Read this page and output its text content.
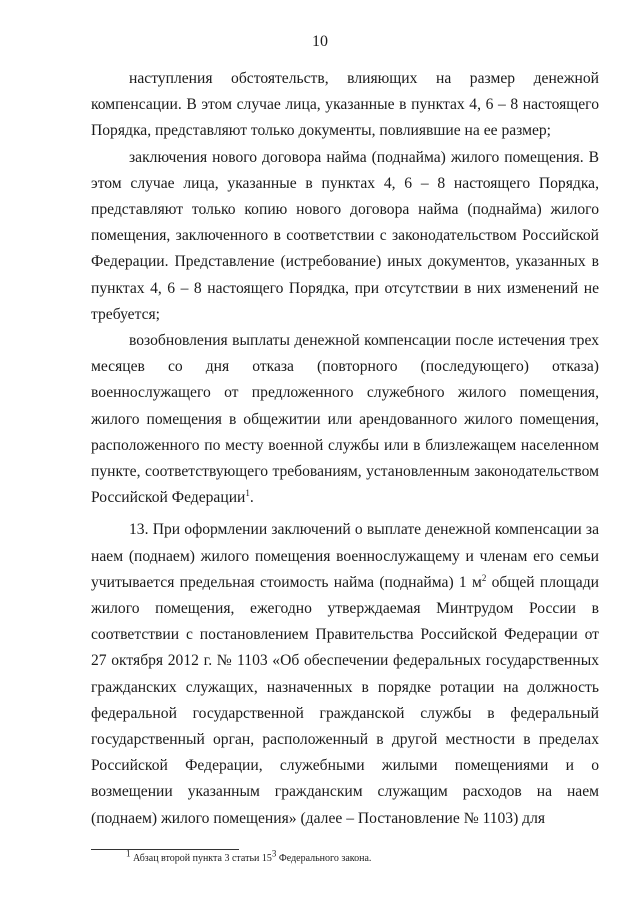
10

наступления обстоятельств, влияющих на размер денежной компенсации. В этом случае лица, указанные в пунктах 4, 6 – 8 настоящего Порядка, представляют только документы, повлиявшие на ее размер;

заключения нового договора найма (поднайма) жилого помещения. В этом случае лица, указанные в пунктах 4, 6 – 8 настоящего Порядка, представляют только копию нового договора найма (поднайма) жилого помещения, заключенного в соответствии с законодательством Российской Федерации. Представление (истребование) иных документов, указанных в пунктах 4, 6 – 8 настоящего Порядка, при отсутствии в них изменений не требуется;

возобновления выплаты денежной компенсации после истечения трех месяцев со дня отказа (повторного (последующего) отказа) военнослужащего от предложенного служебного жилого помещения, жилого помещения в общежитии или арендованного жилого помещения, расположенного по месту военной службы или в близлежащем населенном пункте, соответствующего требованиям, установленным законодательством Российской Федерации$^1$.

13. При оформлении заключений о выплате денежной компенсации за наем (поднаем) жилого помещения военнослужащему и членам его семьи учитывается предельная стоимость найма (поднайма) 1 $м^2$ общей площади жилого помещения, ежегодно утверждаемая Минтрудом России в соответствии с постановлением Правительства Российской Федерации от 27 октября 2012 г. № 1103 «Об обеспечении федеральных государственных гражданских служащих, назначенных в порядке ротации на должность федеральной государственной гражданской службы в федеральный государственный орган, расположенный в другой местности в пределах Российской Федерации, служебными жилыми помещениями и о возмещении указанным гражданским служащим расходов на наем (поднаем) жилого помещения» (далее – Постановление № 1103) для

$^1$ Абзац второй пункта 3 статьи $15^3$ Федерального закона.
